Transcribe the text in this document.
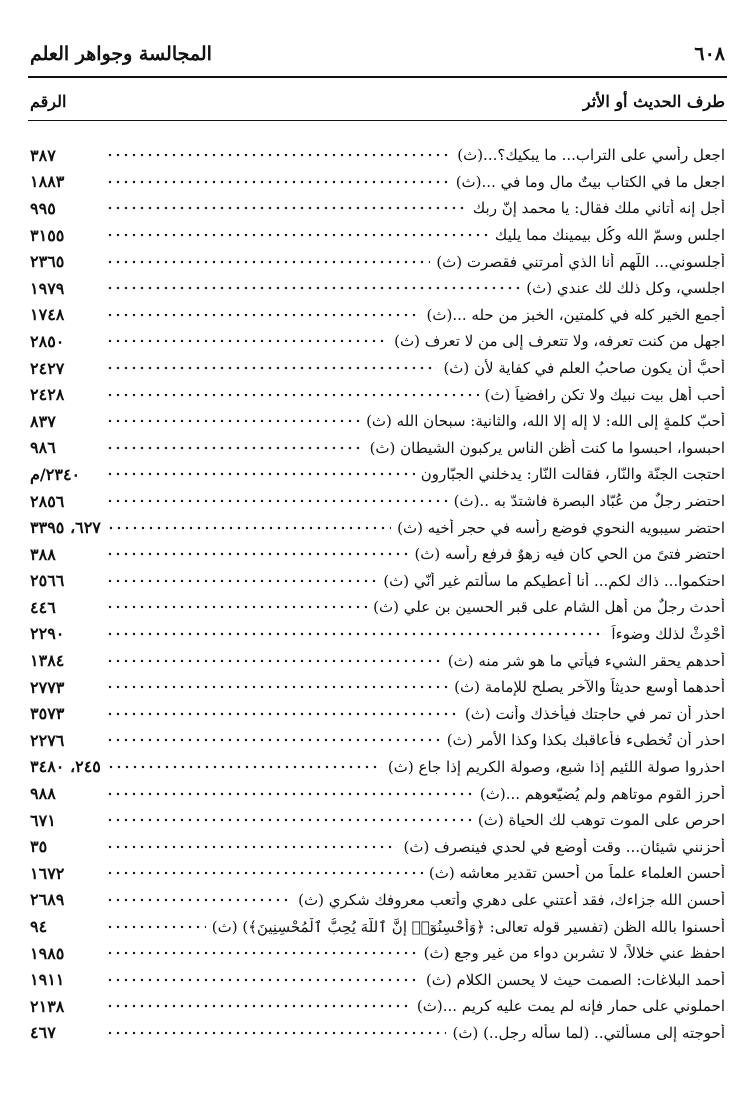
٦٠٨
المجالسة وجواهر العلم
طرف الحديث أو الأثر
الرقم
اجعل رأسي على التراب... ما يبكيك؟...(ث)
٣٨٧
اجعل ما في الكتاب بيتٌ مالٍ وما في ...(ث)
١٨٨٣
أجل إنه أتاني ملك فقال: يا محمد إنّ ربك
٩٩٥
اجلس وسمّ الله وكُل بيمينك مما يليك
٣١٥٥
أجلسوني... اللّهم أنا الذي أمرتني فقصرت (ث)
٢٣٦٥
اجلسي، وكل ذلك لك عندي (ث)
١٩٧٩
أجمع الخير كله في كلمتين، الخبز من حله ...(ث)
١٧٤٨
اجهل من كنت تعرفه، ولا تتعرف إلى من لا تعرف (ث)
٢٨٥٠
أحبُّ أن يكون صاحبُ العلم في كفاية لأن (ث)
٢٤٢٧
أحب أهل بيت نبيك ولا تكن رافضياً (ث)
٢٤٢٨
أحبّ كلمةٍ إلى الله: لا إله إلا الله، والثانية: سبحان الله (ث)
٨٣٧
احبسوا، احبسوا ما كنت أظن الناس يركبون الشيطان (ث)
٩٨٦
احتجت الجنّة والنّار، فقالت النّار: يدخلني الجبّارون
٢٣٤٠/م
احتضر رجلٌ من عُبّاد البصرة فاشتدّ به ..(ث)
٢٨٥٦
احتضر سيبويه النحوي فوضع رأسه في حجر أخيه (ث)
٦٢٧، ٣٣٩٥
احتضر فتىً من الحي كان فيه زهوٌ فرفع رأسه (ث)
٣٨٨
احتكموا... ذاك لكم... أنا أعطيكم ما سألتم غير أنّي (ث)
٢٥٦٦
أحدث رجلٌ من أهل الشام على قبر الحسين بن علي (ث)
٤٤٦
أَحْدِثْ لذلك وضوءاً
٢٢٩٠
أحدهم يحقر الشيء فيأتي ما هو شر منه (ث)
١٣٨٤
أحدهما أوسع حديثاً والآخر يصلح للإمامة (ث)
٢٧٧٣
احذر أن تمر في حاجتك فيأخذك وأنت (ث)
٣٥٧٣
احذر أن تُخطىء فأعاقبك بكذا وكذا الأمر (ث)
٢٢٧٦
احذروا صولة اللئيم إذا شبع، وصولة الكريم إذا جاع (ث)
٢٤٥، ٣٤٨٠
أحرز القوم موتاهم ولم يُضيّعوهم ...(ث)
٩٨٨
احرص على الموت توهب لك الحياة (ث)
٦٧١
أحزنني شيئان... وقت أوضع في لحدي فينصرف (ث)
٣٥
أحسن العلماء علماً من أحسن تقدير معاشه (ث)
١٦٧٢
أحسن الله جزاءك، فقد أعتني على دهري وأتعب معروفك شكري (ث)
٢٦٨٩
أحسنوا بالله الظن (تفسير قوله تعالى: ﴿وَأَحْسِنُوٓا۟ إِنَّ ٱللَّهَ يُحِبُّ ٱلْمُحْسِنِينَ﴾) (ث)
٩٤
احفظ عني خلالاً، لا تشربن دواء من غير وجع (ث)
١٩٨٥
أحمد البلاغات: الصمت حيث لا يحسن الكلام (ث)
١٩١١
احملوني على حمار فإنه لم يمت عليه كريم ...(ث)
٢١٣٨
أحوجته إلى مسألتي.. (لما سأله رجل..) (ث)
٤٦٧
